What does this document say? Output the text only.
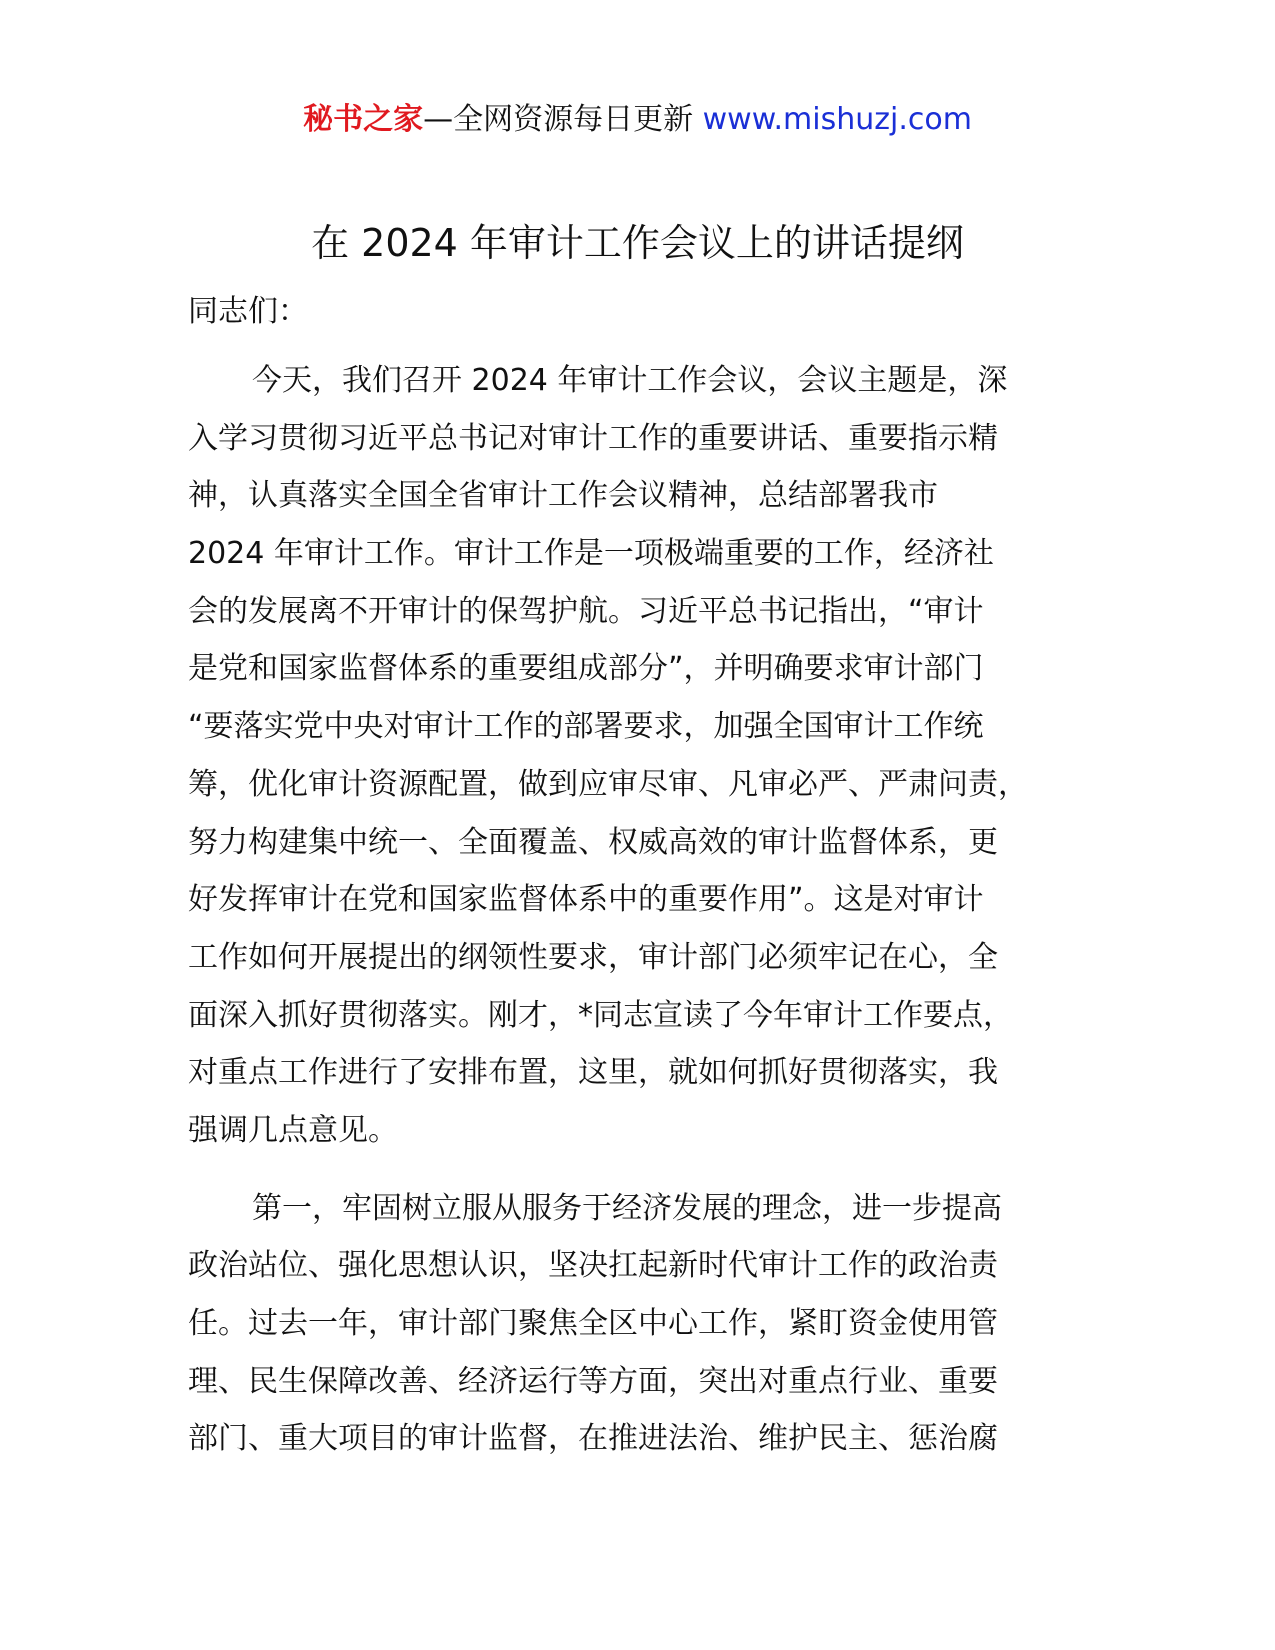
秘书之家—全网资源每日更新 www.mishuzj.com
在 2024 年审计工作会议上的讲话提纲

同志们：

今天，我们召开 2024 年审计工作会议，会议主题是，深
入学习贯彻习近平总书记对审计工作的重要讲话、重要指示精
神，认真落实全国全省审计工作会议精神，总结部署我市
2024 年审计工作。审计工作是一项极端重要的工作，经济社
会的发展离不开审计的保驾护航。习近平总书记指出，“审计
是党和国家监督体系的重要组成部分”，并明确要求审计部门
“要落实党中央对审计工作的部署要求，加强全国审计工作统
筹，优化审计资源配置，做到应审尽审、凡审必严、严肃问责，
努力构建集中统一、全面覆盖、权威高效的审计监督体系，更
好发挥审计在党和国家监督体系中的重要作用”。这是对审计
工作如何开展提出的纲领性要求，审计部门必须牢记在心，全
面深入抓好贯彻落实。刚才，*同志宣读了今年审计工作要点，
对重点工作进行了安排布置，这里，就如何抓好贯彻落实，我
强调几点意见。
第一，牢固树立服从服务于经济发展的理念，进一步提高
政治站位、强化思想认识，坚决扛起新时代审计工作的政治责
任。过去一年，审计部门聚焦全区中心工作，紧盯资金使用管
理、民生保障改善、经济运行等方面，突出对重点行业、重要
部门、重大项目的审计监督，在推进法治、维护民主、惩治腐
